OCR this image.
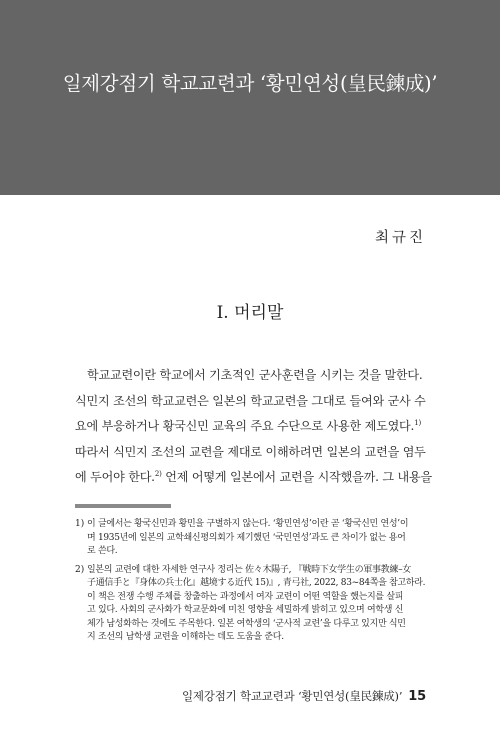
일제강점기 학교교련과 ‘황민연성(皇民鍊成)’
최규진
Ⅰ. 머리말
학교교련이란 학교에서 기초적인 군사훈련을 시키는 것을 말한다.
식민지 조선의 학교교련은 일본의 학교교련을 그대로 들여와 군사 수
요에 부응하거나 황국신민 교육의 주요 수단으로 사용한 제도였다.$^{1)}$
따라서 식민지 조선의 교련을 제대로 이해하려면 일본의 교련을 염두
에 두어야 한다.$^{2)}$ 언제 어떻게 일본에서 교련을 시작했을까. 그 내용을
1) 이 글에서는 황국신민과 황민을 구별하지 않는다. ‘황민연성’이란 곧 ‘황국신민 연성’이
며 1935년에 일본의 교학쇄신평의회가 제기했던 ‘국민연성’과도 큰 차이가 없는 용어
로 쓴다.
2) 일본의 교련에 대한 자세한 연구사 정리는 佐々木陽子, 『戦時下女学生の軍事教練–女
子通信手と『身体の兵士化』越境する近代 15)』, 青弓社, 2022, 83~84쪽을 참고하라.
이 책은 전쟁 수행 주체를 창출하는 과정에서 여자 교련이 어떤 역할을 했는지를 살피
고 있다. 사회의 군사화가 학교문화에 미친 영향을 세밀하게 밝히고 있으며 여학생 신
체가 남성화하는 것에도 주목한다. 일본 여학생의 ‘군사적 교련’을 다루고 있지만 식민
지 조선의 남학생 교련을 이해하는 데도 도움을 준다.
일제강점기 학교교련과 ‘황민연성(皇民鍊成)’ 15
